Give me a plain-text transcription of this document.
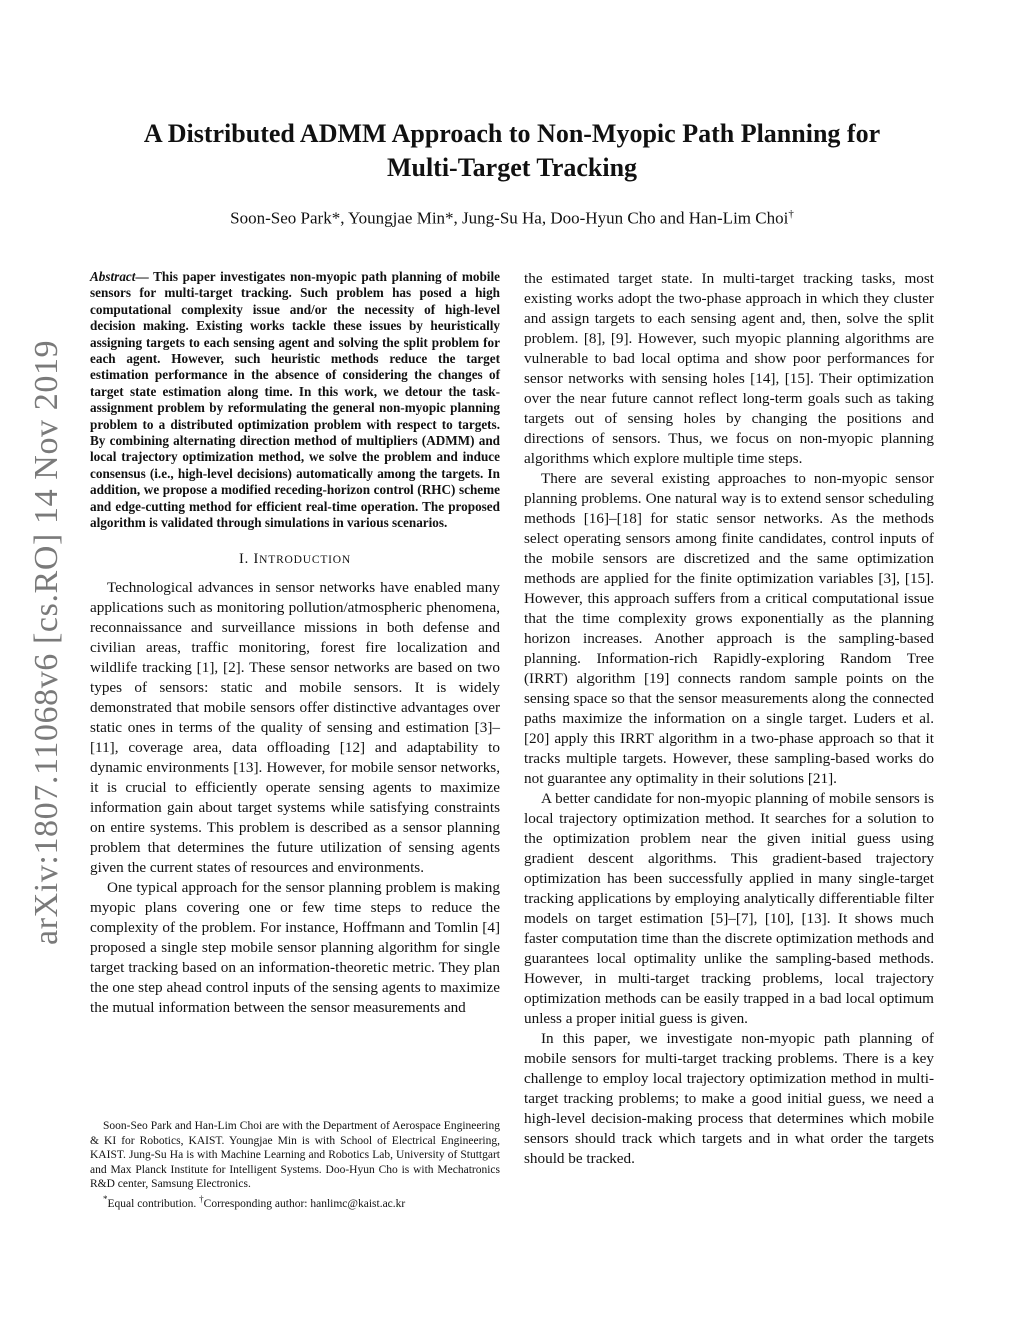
arXiv:1807.11068v6 [cs.RO] 14 Nov 2019
A Distributed ADMM Approach to Non-Myopic Path Planning for
Multi-Target Tracking
Soon-Seo Park*, Youngjae Min*, Jung-Su Ha, Doo-Hyun Cho and Han-Lim Choi†

Abstract— This paper investigates non-myopic path planning of mobile sensors for multi-target tracking. Such problem has posed a high computational complexity issue and/or the necessity of high-level decision making. Existing works tackle these issues by heuristically assigning targets to each sensing agent and solving the split problem for each agent. However, such heuristic methods reduce the target estimation performance in the absence of considering the changes of target state estimation along time. In this work, we detour the task-assignment problem by reformulating the general non-myopic planning problem to a distributed optimization problem with respect to targets. By combining alternating direction method of multipliers (ADMM) and local trajectory optimization method, we solve the problem and induce consensus (i.e., high-level decisions) automatically among the targets. In addition, we propose a modified receding-horizon control (RHC) scheme and edge-cutting method for efficient real-time operation. The proposed algorithm is validated through simulations in various scenarios.

I. INTRODUCTION

Technological advances in sensor networks have enabled many applications such as monitoring pollution/atmospheric phenomena, reconnaissance and surveillance missions in both defense and civilian areas, traffic monitoring, forest fire localization and wildlife tracking [1], [2]. These sensor networks are based on two types of sensors: static and mobile sensors. It is widely demonstrated that mobile sensors offer distinctive advantages over static ones in terms of the quality of sensing and estimation [3]–[11], coverage area, data offloading [12] and adaptability to dynamic environments [13]. However, for mobile sensor networks, it is crucial to efficiently operate sensing agents to maximize information gain about target systems while satisfying constraints on entire systems. This problem is described as a sensor planning problem that determines the future utilization of sensing agents given the current states of resources and environments.

One typical approach for the sensor planning problem is making myopic plans covering one or few time steps to reduce the complexity of the problem. For instance, Hoffmann and Tomlin [4] proposed a single step mobile sensor planning algorithm for single target tracking based on an information-theoretic metric. They plan the one step ahead control inputs of the sensing agents to maximize the mutual information between the sensor measurements and

Soon-Seo Park and Han-Lim Choi are with the Department of Aerospace Engineering & KI for Robotics, KAIST. Youngjae Min is with School of Electrical Engineering, KAIST. Jung-Su Ha is with Machine Learning and Robotics Lab, University of Stuttgart and Max Planck Institute for Intelligent Systems. Doo-Hyun Cho is with Mechatronics R&D center, Samsung Electronics.

*Equal contribution. †Corresponding author: hanlimc@kaist.ac.kr

the estimated target state. In multi-target tracking tasks, most existing works adopt the two-phase approach in which they cluster and assign targets to each sensing agent and, then, solve the split problem. [8], [9]. However, such myopic planning algorithms are vulnerable to bad local optima and show poor performances for sensor networks with sensing holes [14], [15]. Their optimization over the near future cannot reflect long-term goals such as taking targets out of sensing holes by changing the positions and directions of sensors. Thus, we focus on non-myopic planning algorithms which explore multiple time steps.

There are several existing approaches to non-myopic sensor planning problems. One natural way is to extend sensor scheduling methods [16]–[18] for static sensor networks. As the methods select operating sensors among finite candidates, control inputs of the mobile sensors are discretized and the same optimization methods are applied for the finite optimization variables [3], [15]. However, this approach suffers from a critical computational issue that the time complexity grows exponentially as the planning horizon increases. Another approach is the sampling-based planning. Information-rich Rapidly-exploring Random Tree (IRRT) algorithm [19] connects random sample points on the sensing space so that the sensor measurements along the connected paths maximize the information on a single target. Luders et al. [20] apply this IRRT algorithm in a two-phase approach so that it tracks multiple targets. However, these sampling-based works do not guarantee any optimality in their solutions [21].

A better candidate for non-myopic planning of mobile sensors is local trajectory optimization method. It searches for a solution to the optimization problem near the given initial guess using gradient descent algorithms. This gradient-based trajectory optimization has been successfully applied in many single-target tracking applications by employing analytically differentiable filter models on target estimation [5]–[7], [10], [13]. It shows much faster computation time than the discrete optimization methods and guarantees local optimality unlike the sampling-based methods. However, in multi-target tracking problems, local trajectory optimization methods can be easily trapped in a bad local optimum unless a proper initial guess is given.

In this paper, we investigate non-myopic path planning of mobile sensors for multi-target tracking problems. There is a key challenge to employ local trajectory optimization method in multi-target tracking problems; to make a good initial guess, we need a high-level decision-making process that determines which mobile sensors should track which targets and in what order the targets should be tracked.
